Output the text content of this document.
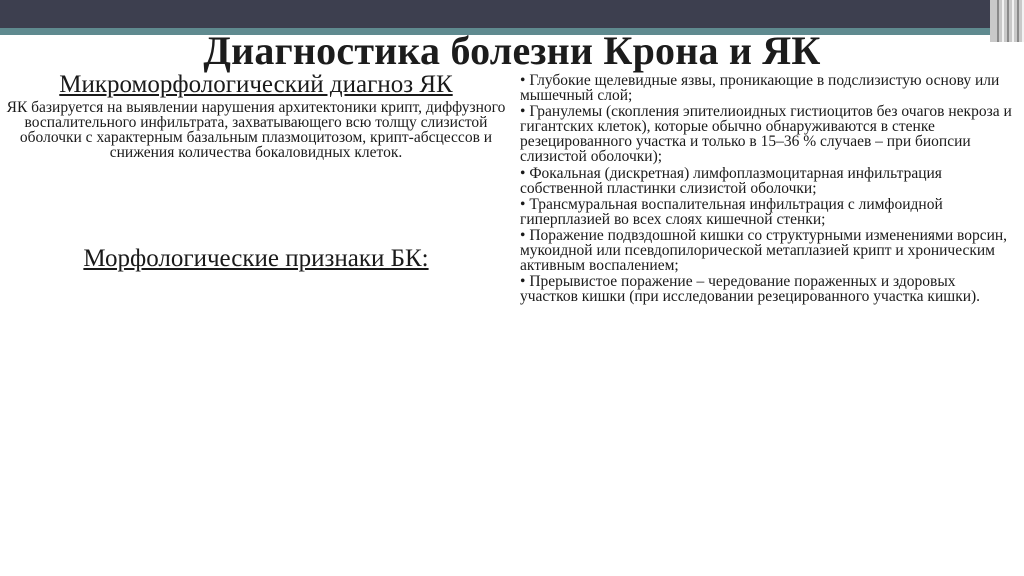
Диагностика болезни Крона и ЯК
Микроморфологический диагноз ЯК
ЯК базируется на выявлении нарушения архитектоники крипт, диффузного воспалительного инфильтрата, захватывающего всю толщу слизистой оболочки с характерным базальным плазмоцитозом, крипт-абсцессов и снижения количества бокаловидных клеток.
Морфологические признаки БК:
• Глубокие щелевидные язвы, проникающие в подслизистую основу или мышечный слой;
• Гранулемы (скопления эпителиоидных гистиоцитов без очагов некроза и гигантских клеток), которые обычно обнаруживаются в стенке резецированного участка и только в 15–36 % случаев – при биопсии слизистой оболочки);
• Фокальная (дискретная) лимфоплазмоцитарная инфильтрация собственной пластинки слизистой оболочки;
• Трансмуральная воспалительная инфильтрация с лимфоидной гиперплазией во всех слоях кишечной стенки;
• Поражение подвздошной кишки со структурными изменениями ворсин, мукоидной или псевдопилорической метаплазией крипт и хроническим активным воспалением;
• Прерывистое поражение – чередование пораженных и здоровых участков кишки (при исследовании резецированного участка кишки).
